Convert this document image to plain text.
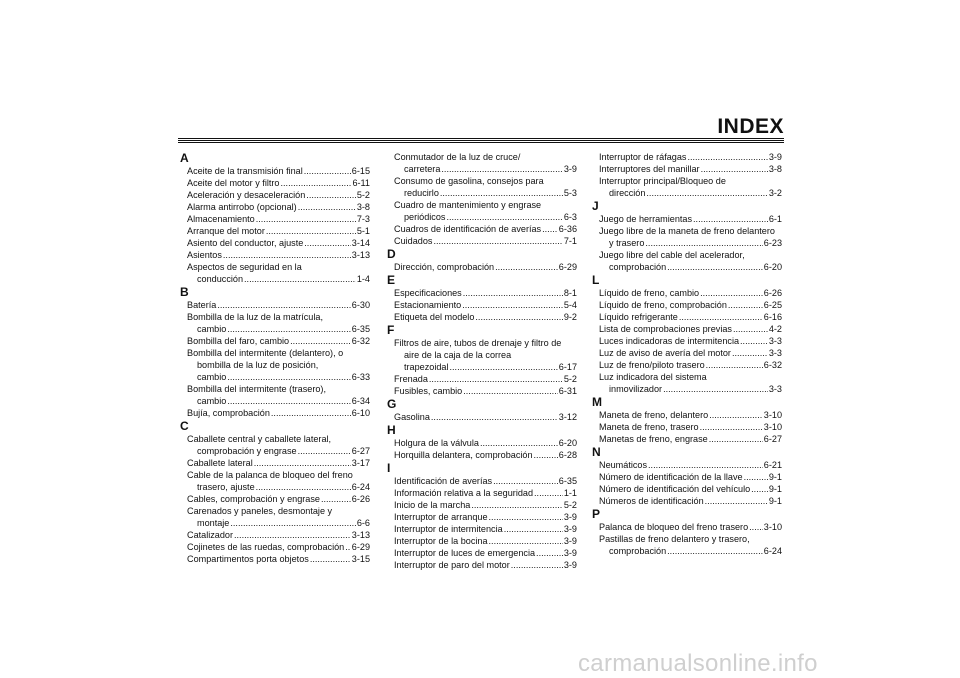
INDEX
A
Aceite de la transmisión final .....	6-15
Aceite del motor y filtro .....	6-11
Aceleración y desaceleración .....	5-2
Alarma antirrobo (opcional) .....	3-8
Almacenamiento .....	7-3
Arranque del motor .....	5-1
Asiento del conductor, ajuste .....	3-14
Asientos .....	3-13
Aspectos de seguridad en la
conducción .....	1-4
B
Batería .....	6-30
Bombilla de la luz de la matrícula,
cambio .....	6-35
Bombilla del faro, cambio .....	6-32
Bombilla del intermitente (delantero), o
bombilla de la luz de posición,
cambio .....	6-33
Bombilla del intermitente (trasero),
cambio .....	6-34
Bujía, comprobación .....	6-10
C
Caballete central y caballete lateral,
comprobación y engrase .....	6-27
Caballete lateral .....	3-17
Cable de la palanca de bloqueo del freno
trasero, ajuste .....	6-24
Cables, comprobación y engrase .....	6-26
Carenados y paneles, desmontaje y
montaje .....	6-6
Catalizador .....	3-13
Cojinetes de las ruedas, comprobación ..... 6-29
Compartimentos porta objetos .....	3-15
Conmutador de la luz de cruce/
carretera .....	3-9
Consumo de gasolina, consejos para
reducirlo .....	5-3
Cuadro de mantenimiento y engrase
periódicos .....	6-3
Cuadros de identificación de averías ..... 6-36
Cuidados .....	7-1
D
Dirección, comprobación .....	6-29
E
Especificaciones .....	8-1
Estacionamiento .....	5-4
Etiqueta del modelo .....	9-2
F
Filtros de aire, tubos de drenaje y filtro de
aire de la caja de la correa
trapezoidal .....	6-17
Frenada .....	5-2
Fusibles, cambio .....	6-31
G
Gasolina .....	3-12
H
Holgura de la válvula .....	6-20
Horquilla delantera, comprobación .....	6-28
I
Identificación de averías .....	6-35
Información relativa a la seguridad .....	1-1
Inicio de la marcha .....	5-2
Interruptor de arranque .....	3-9
Interruptor de intermitencia .....	3-9
Interruptor de la bocina .....	3-9
Interruptor de luces de emergencia .....	3-9
Interruptor de paro del motor .....	3-9
Interruptor de ráfagas .....	3-9
Interruptores del manillar .....	3-8
Interruptor principal/Bloqueo de
dirección .....	3-2
J
Juego de herramientas .....	6-1
Juego libre de la maneta de freno delantero
y trasero .....	6-23
Juego libre del cable del acelerador,
comprobación .....	6-20
L
Líquido de freno, cambio .....	6-26
Líquido de freno, comprobación .....	6-25
Líquido refrigerante .....	6-16
Lista de comprobaciones previas .....	4-2
Luces indicadoras de intermitencia .....	3-3
Luz de aviso de avería del motor .....	3-3
Luz de freno/piloto trasero .....	6-32
Luz indicadora del sistema
inmovilizador .....	3-3
M
Maneta de freno, delantero .....	3-10
Maneta de freno, trasero .....	3-10
Manetas de freno, engrase .....	6-27
N
Neumáticos .....	6-21
Número de identificación de la llave .....	9-1
Número de identificación del vehículo ..... 9-1
Números de identificación .....	9-1
P
Palanca de bloqueo del freno trasero ..... 3-10
Pastillas de freno delantero y trasero,
comprobación .....	6-24
carmanualsonline.info
